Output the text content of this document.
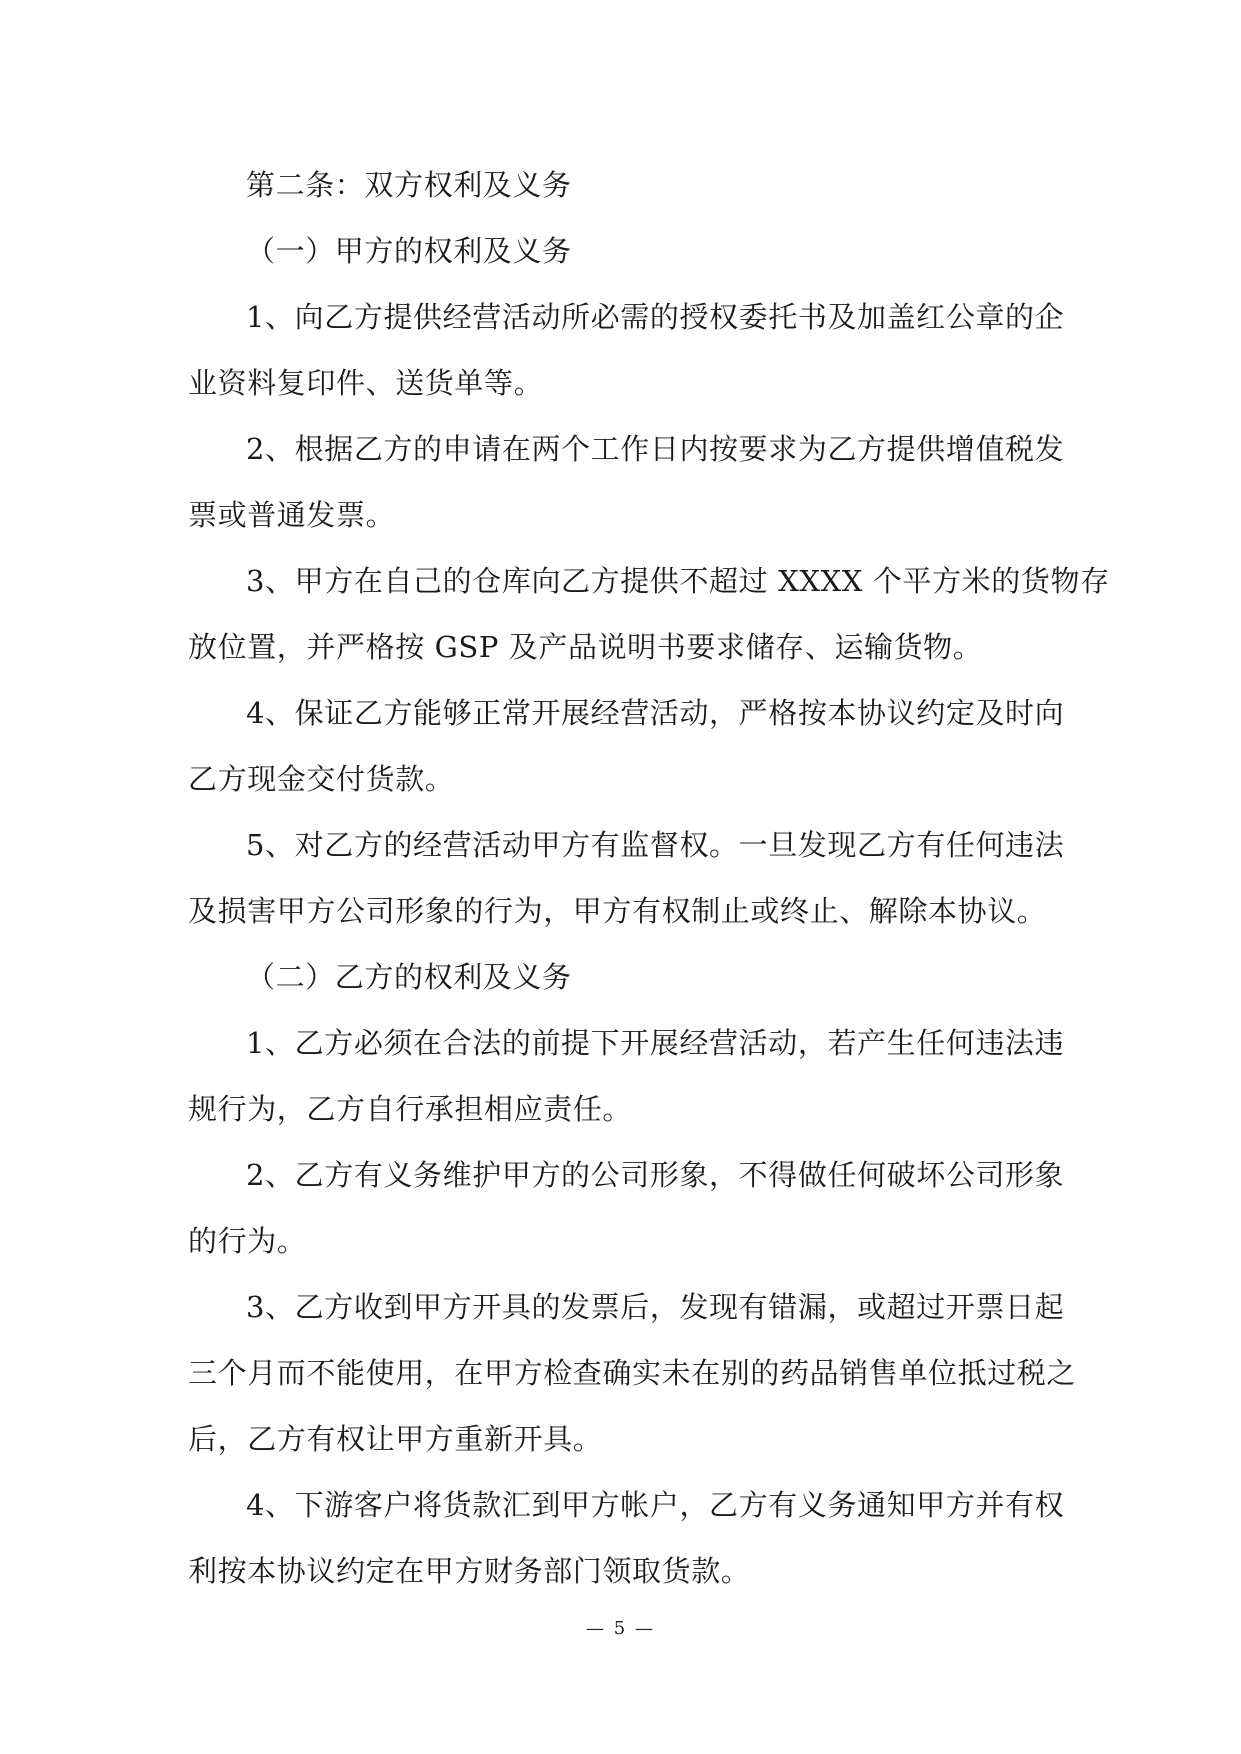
第二条：双方权利及义务
（一）甲方的权利及义务
1、向乙方提供经营活动所必需的授权委托书及加盖红公章的企
业资料复印件、送货单等。
2、根据乙方的申请在两个工作日内按要求为乙方提供增值税发
票或普通发票。
3、甲方在自己的仓库向乙方提供不超过 XXXX 个平方米的货物存
放位置，并严格按 GSP 及产品说明书要求储存、运输货物。
4、保证乙方能够正常开展经营活动，严格按本协议约定及时向
乙方现金交付货款。
5、对乙方的经营活动甲方有监督权。一旦发现乙方有任何违法
及损害甲方公司形象的行为，甲方有权制止或终止、解除本协议。
（二）乙方的权利及义务
1、乙方必须在合法的前提下开展经营活动，若产生任何违法违
规行为，乙方自行承担相应责任。
2、乙方有义务维护甲方的公司形象，不得做任何破坏公司形象
的行为。
3、乙方收到甲方开具的发票后，发现有错漏，或超过开票日起
三个月而不能使用，在甲方检查确实未在别的药品销售单位抵过税之
后，乙方有权让甲方重新开具。
4、下游客户将货款汇到甲方帐户，乙方有义务通知甲方并有权
利按本协议约定在甲方财务部门领取货款。
— 5 —
